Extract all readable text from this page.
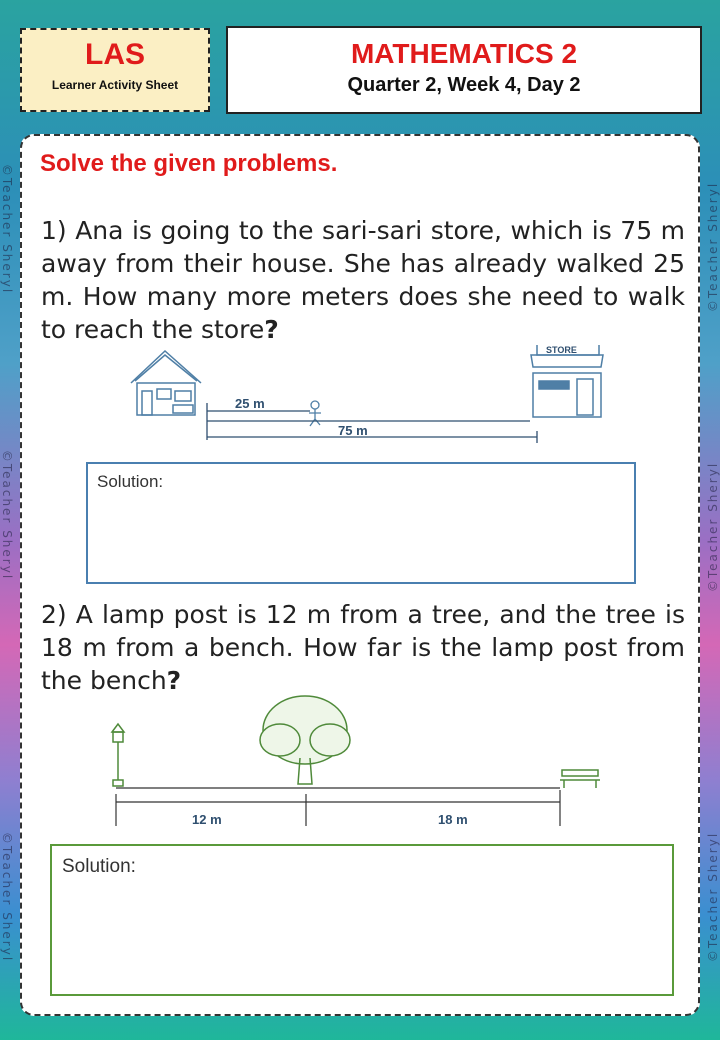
©Teacher Sheryl
©Teacher Sheryl
©Teacher Sheryl
©Teacher Sheryl
©Teacher Sheryl
©Teacher Sheryl
LAS
Learner Activity Sheet
MATHEMATICS 2
Quarter 2, Week 4, Day 2
Solve the given problems.
1) Ana is going to the sari-sari store, which is 75 m away from their house. She has already walked 25 m. How many more meters does she need to walk to reach the store?
STORE
25 m
75 m
Solution:
2) A lamp post is 12 m from a tree, and the tree is 18 m from a bench. How far is the lamp post from the bench?
12 m	18 m
Solution:
